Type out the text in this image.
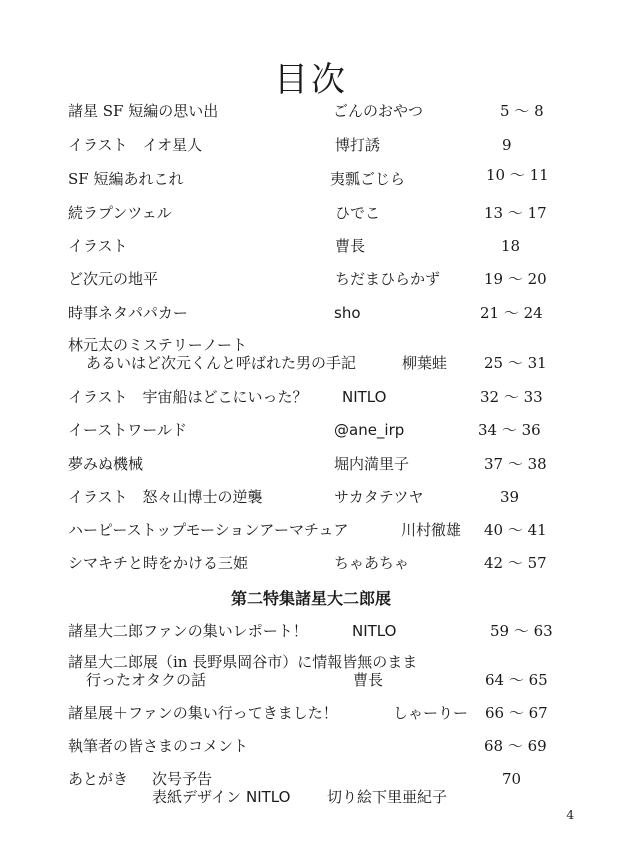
目次
諸星 SF 短編の思い出	ごんのおやつ	5 ～ 8
イラスト　イオ星人	博打誘	9
SF 短編あれこれ	夷瓢ごじら	10 ～ 11
続ラプンツェル	ひでこ	13 ～ 17
イラスト	曹長	18
ど次元の地平	ちだまひらかず	19 ～ 20
時事ネタパパカー	sho	21 ～ 24
林元太のミステリーノート
あるいはど次元くんと呼ばれた男の手記	柳葉蛙 25 ～ 31
イラスト　宇宙船はどこにいった？ NITLO	32 ～ 33
イーストワールド	@ane_irp	34 ～ 36
夢みぬ機械	堀内満里子	37 ～ 38
イラスト　怒々山博士の逆襲	サカタテツヤ	39
ハーピーストップモーションアーマチュア	川村徹雄 40 ～ 41
シマキチと時をかける三姫	ちゃあちゃ	42 ～ 57
第二特集諸星大二郎展
諸星大二郎ファンの集いレポート！	NITLO	59 ～ 63
諸星大二郎展（in 長野県岡谷市）に情報皆無のまま
行ったオタクの話	曹長	64 ～ 65
諸星展＋ファンの集い行ってきました！	しゃーりー 66 ～ 67
執筆者の皆さまのコメント	68 ～ 69
あとがき 次号予告	70
表紙デザイン NITLO 切り絵 下里亜紀子
4
